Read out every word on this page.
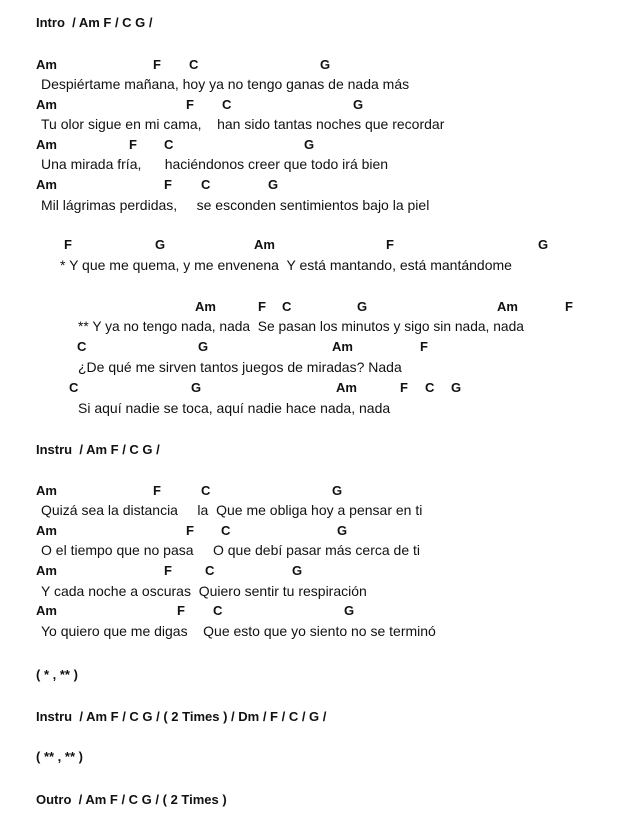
Intro  / Am F / C G /

Am

	F

C

	G

Despiértame mañana, hoy ya no tengo ganas de nada más

Am

	F

C

	G

Tu olor sigue en mi cama,    han sido tantas noches que recordar

Am

	F

C

	G

Una mirada fría,      haciéndonos creer que todo irá bien

Am

	F

C

	G

Mil lágrimas perdidas,     se esconden sentimientos bajo la piel

F

	G

	Am

	F

	G

* Y que me quema, y me envenena  Y está mantando, está mantándome

Am

	F

C

	G

	Am

	F

** Y ya no tengo nada, nada  Se pasan los minutos y sigo sin nada, nada

C

	G

	Am

	F

¿De qué me sirven tantos juegos de miradas? Nada

C

	G

	Am

	F

C

G

Si aquí nadie se toca, aquí nadie hace nada, nada
Instru  / Am F / C G /

Am

	F

	C

	G

Quizá sea la distancia     la  Que me obliga hoy a pensar en ti

Am

	F

C

	G

O el tiempo que no pasa     O que debí pasar más cerca de ti

Am

	F

	C

	G

Y cada noche a oscuras  Quiero sentir tu respiración

Am

	F

C

	G

Yo quiero que me digas    Que esto que yo siento no se terminó
( * , ** )
Instru  / Am F / C G / ( 2 Times ) / Dm / F / C / G /
( ** , ** )
Outro  / Am F / C G / ( 2 Times )
